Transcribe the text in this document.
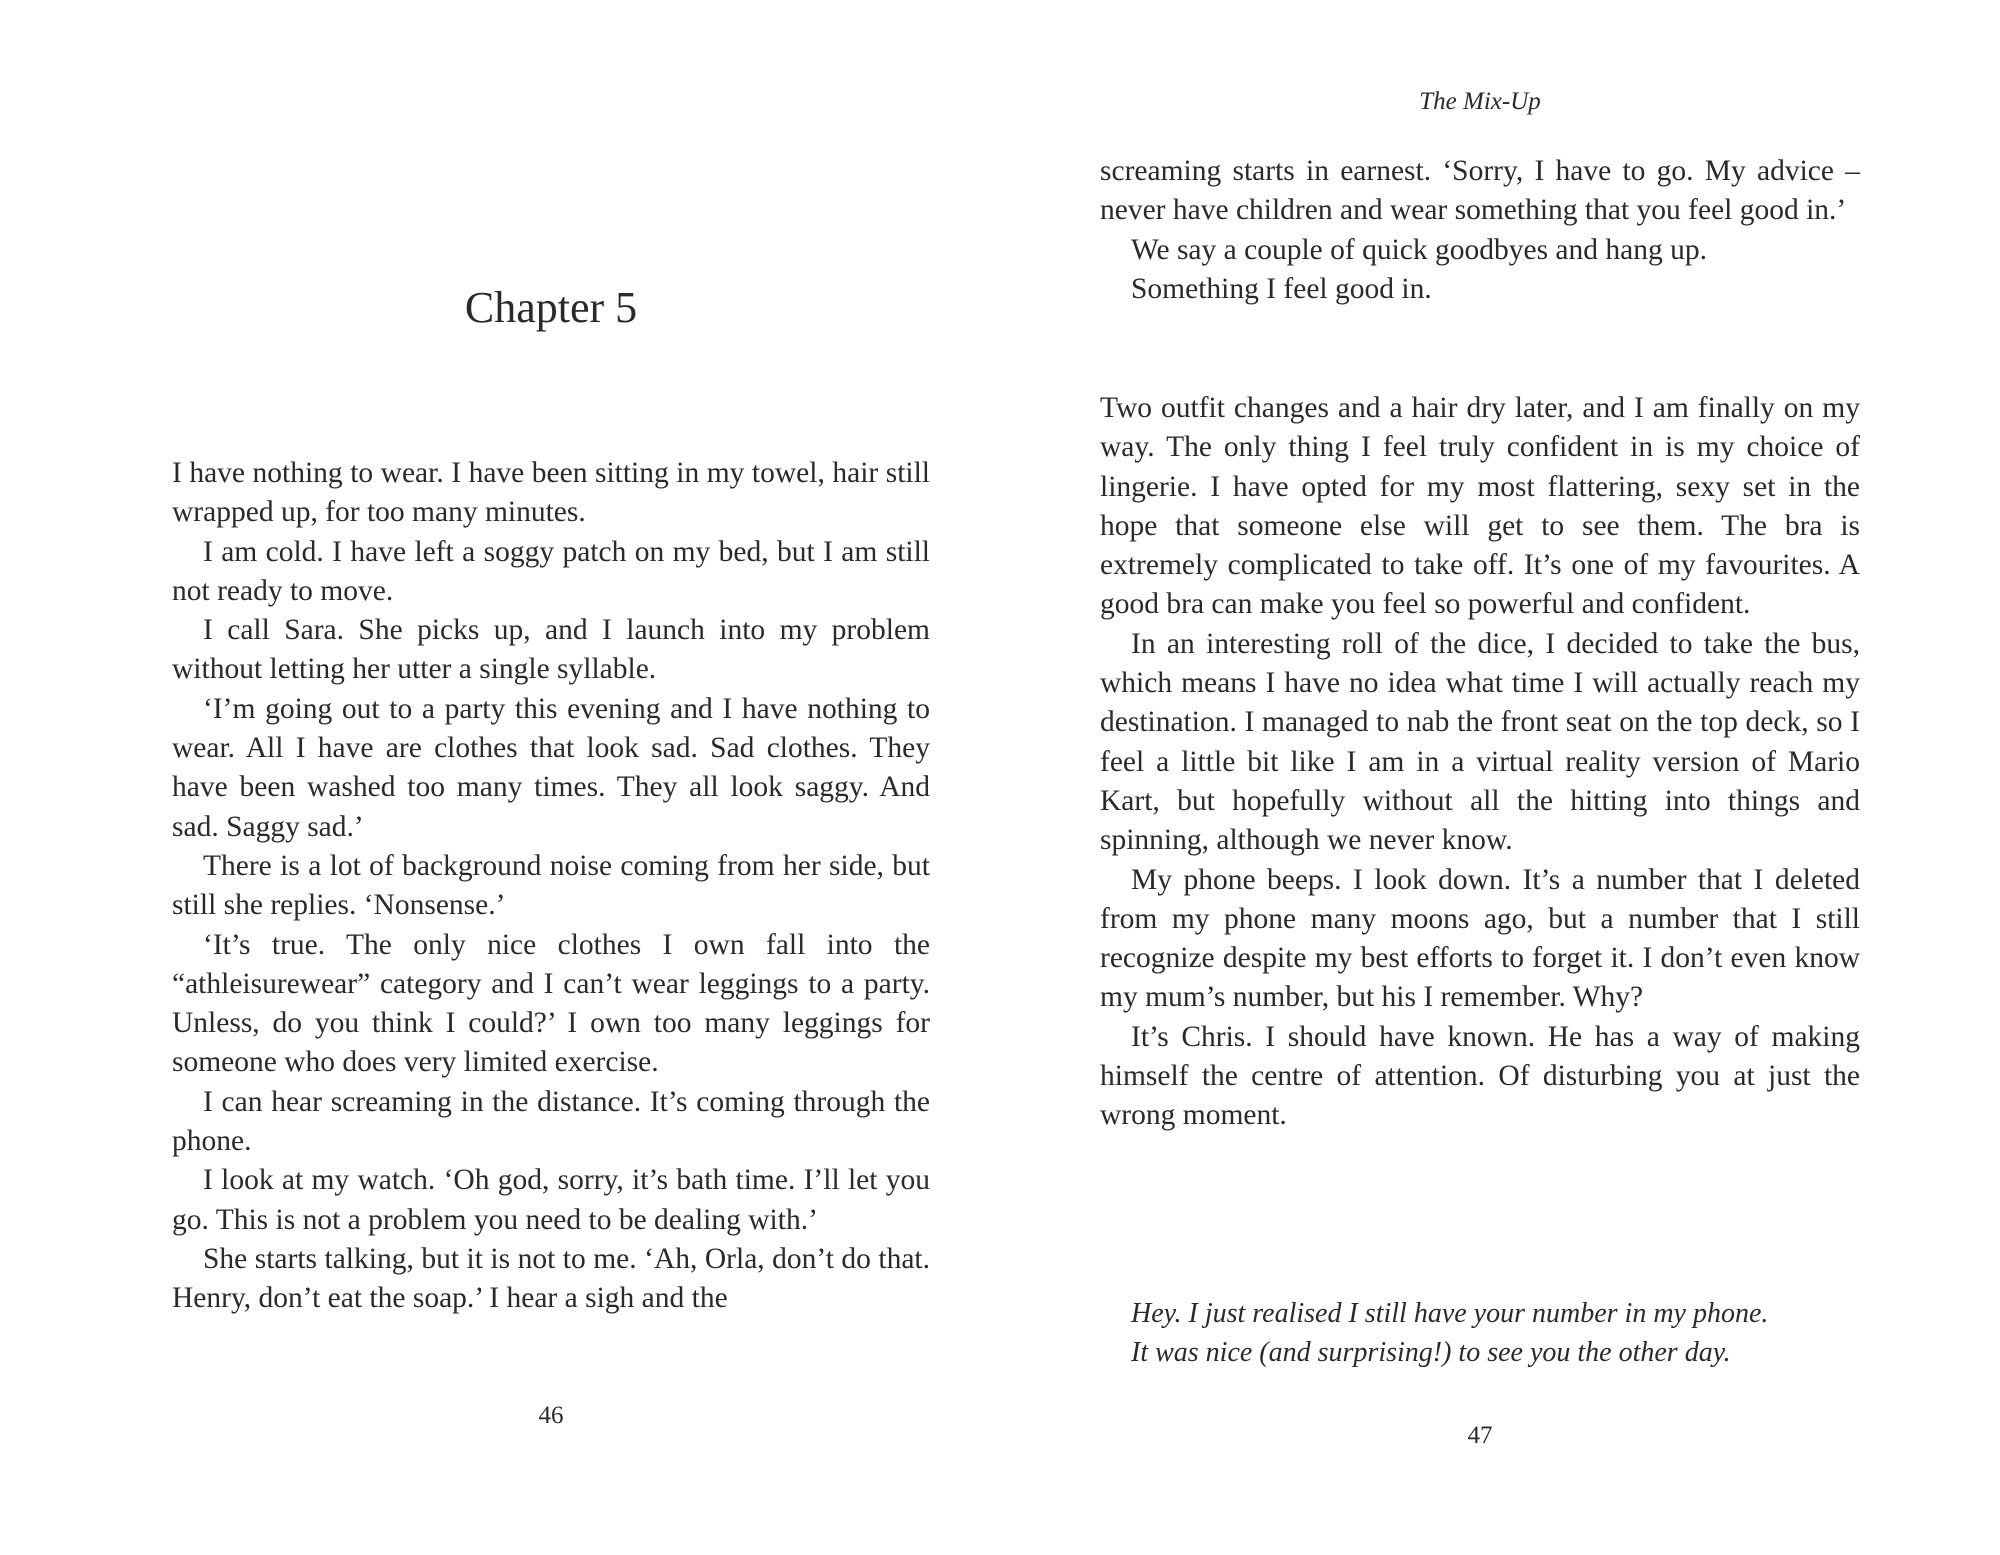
Chapter 5

I have nothing to wear. I have been sitting in my towel, hair still wrapped up, for too many minutes.

I am cold. I have left a soggy patch on my bed, but I am still not ready to move.

I call Sara. She picks up, and I launch into my problem without letting her utter a single syllable.

‘I’m going out to a party this evening and I have nothing to wear. All I have are clothes that look sad. Sad clothes. They have been washed too many times. They all look saggy. And sad. Saggy sad.’

There is a lot of background noise coming from her side, but still she replies. ‘Nonsense.’

‘It’s true. The only nice clothes I own fall into the “athleisurewear” category and I can’t wear leggings to a party. Unless, do you think I could?’ I own too many leggings for someone who does very limited exercise.

I can hear screaming in the distance. It’s coming through the phone.

I look at my watch. ‘Oh god, sorry, it’s bath time. I’ll let you go. This is not a problem you need to be dealing with.’

She starts talking, but it is not to me. ‘Ah, Orla, don’t do that. Henry, don’t eat the soap.’ I hear a sigh and the

46
The Mix-Up

screaming starts in earnest. ‘Sorry, I have to go. My advice – never have children and wear something that you feel good in.’

We say a couple of quick goodbyes and hang up.

Something I feel good in.

Two outfit changes and a hair dry later, and I am finally on my way. The only thing I feel truly confident in is my choice of lingerie. I have opted for my most flattering, sexy set in the hope that someone else will get to see them. The bra is extremely complicated to take off. It’s one of my favourites. A good bra can make you feel so powerful and confident.

In an interesting roll of the dice, I decided to take the bus, which means I have no idea what time I will actually reach my destination. I managed to nab the front seat on the top deck, so I feel a little bit like I am in a virtual reality version of Mario Kart, but hopefully without all the hitting into things and spinning, although we never know.

My phone beeps. I look down. It’s a number that I deleted from my phone many moons ago, but a number that I still recognize despite my best efforts to forget it. I don’t even know my mum’s number, but his I remember. Why?

It’s Chris. I should have known. He has a way of making himself the centre of attention. Of disturbing you at just the wrong moment.

Hey. I just realised I still have your number in my phone.
It was nice (and surprising!) to see you the other day.
47
